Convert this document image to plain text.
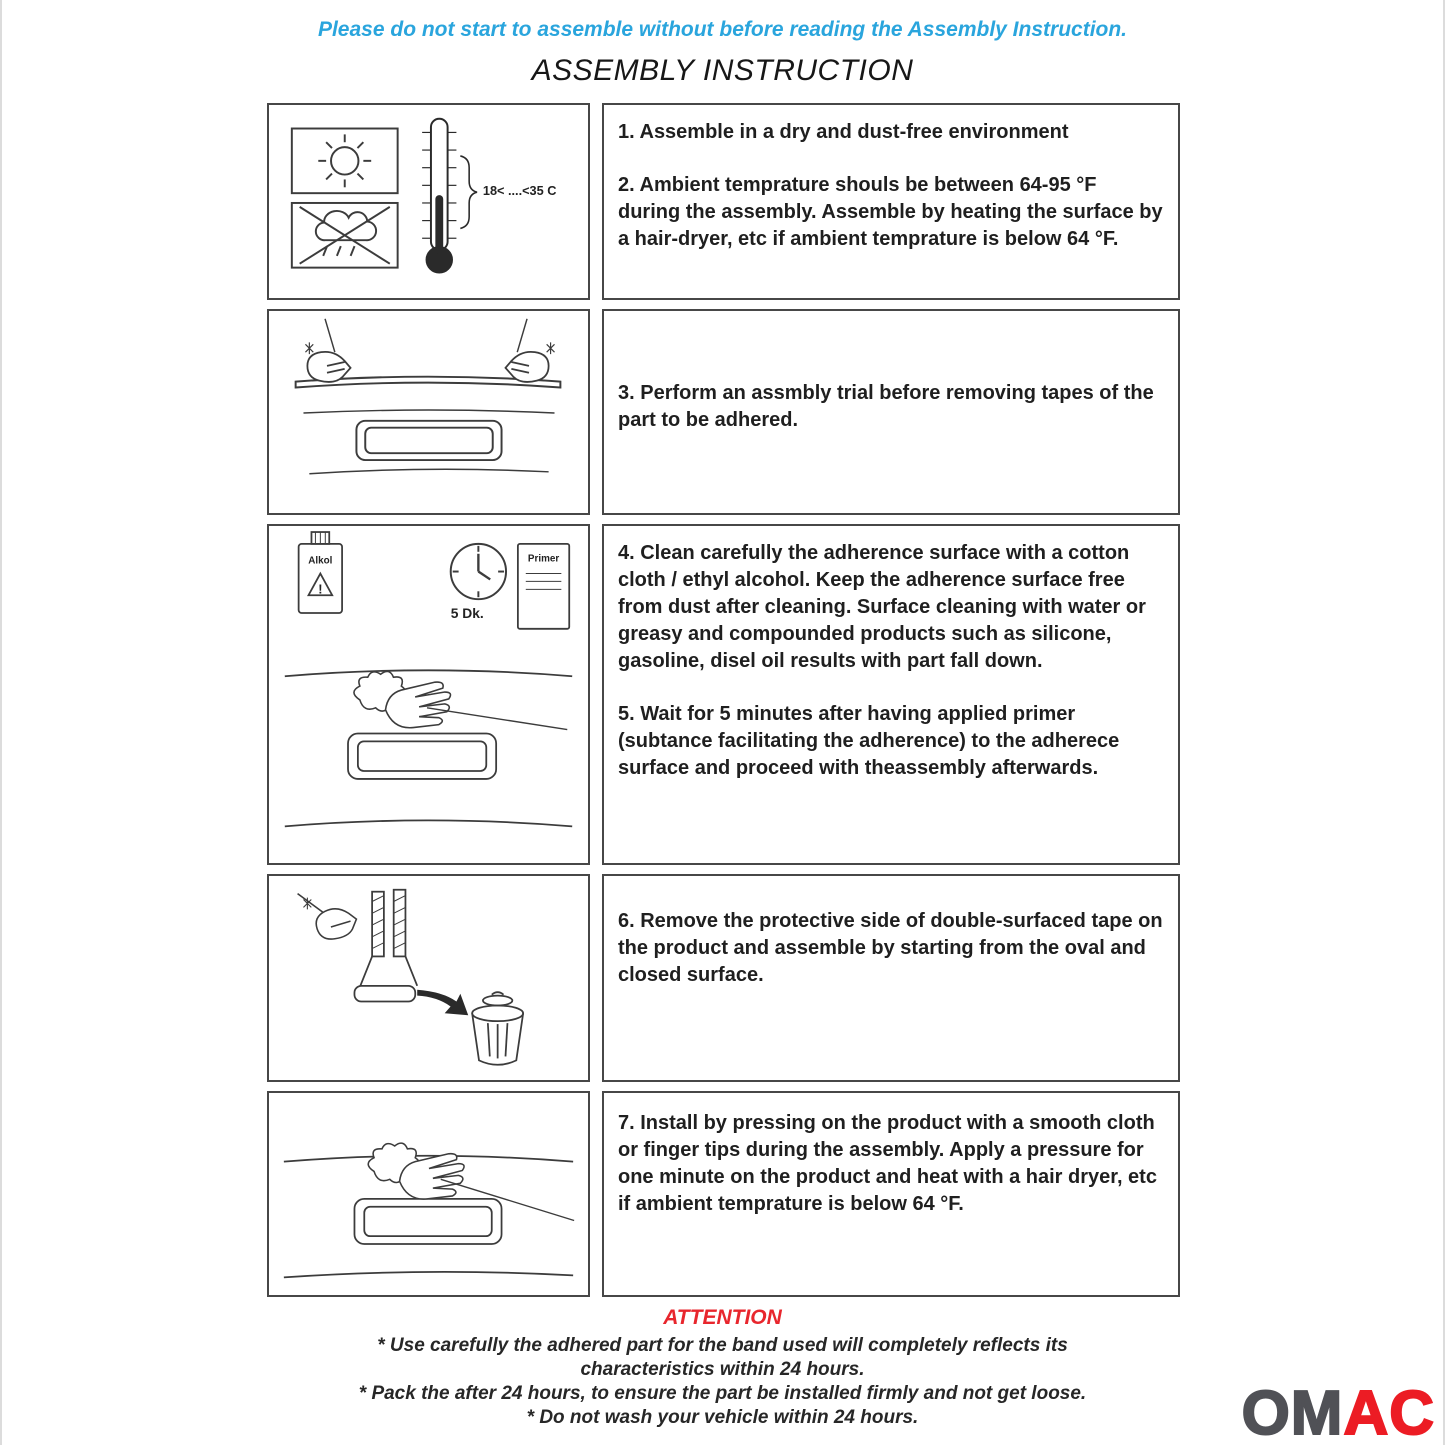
Please do not start to assemble without before reading the Assembly Instruction.
ASSEMBLY INSTRUCTION
18< ....<35 C

1. Assemble in a dry and dust-free environment

2. Ambient temprature shouls be between 64-95 °F during the assembly. Assemble by heating the surface by a hair-dryer, etc if ambient temprature is below 64 °F.

3. Perform an assmbly trial before removing tapes of the part to be adhered.

Alkol
!
5 Dk.
Primer	4. Clean carefully the adherence surface with a cotton cloth / ethyl alcohol. Keep the adherence surface free from dust after cleaning. Surface cleaning with water or greasy and compounded products such as silicone, gasoline, disel oil results with part fall down.

5. Wait for 5 minutes after having applied primer (subtance facilitating the adherence) to the adherece surface and proceed with theassembly afterwards.

6. Remove the protective side of double-surfaced tape on the product and assemble by starting from the oval and closed surface.

7. Install by pressing on the product with a smooth cloth or finger tips during the assembly. Apply a pressure for one minute on the product and heat with a hair dryer, etc if ambient temprature is below 64 °F.

ATTENTION

* Use carefully the adhered part for the band used will completely reflects its characteristics within 24 hours.

* Pack the after 24 hours, to ensure the part be installed firmly and not get loose.

* Do not wash your vehicle within 24 hours.	OMAC
